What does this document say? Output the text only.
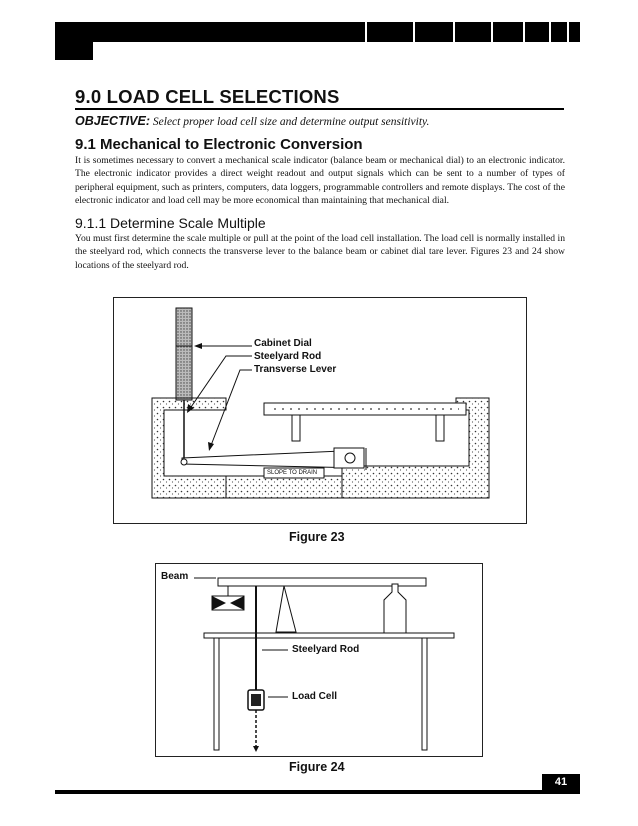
9.0 LOAD CELL SELECTIONS
OBJECTIVE: Select proper load cell size and determine output sensitivity.
9.1 Mechanical to Electronic Conversion

It is sometimes necessary to convert a mechanical scale indicator (balance beam or mechanical dial) to an electronic indicator. The electronic indicator provides a direct weight readout and output signals which can be sent to a number of types of peripheral equipment, such as printers, computers, data loggers, programmable controllers and remote displays. The cost of the electronic indicator and load cell may be more economical than maintaining that mechanical dial.

9.1.1 Determine Scale Multiple

You must first determine the scale multiple or pull at the point of the load cell installation. The load cell is normally installed in the steelyard rod, which connects the transverse lever to the balance beam or cabinet dial tare lever. Figures 23 and 24 show locations of the steelyard rod.

Cabinet Dial
Steelyard Rod
Transverse Lever
SLOPE TO DRAIN
Figure 23
Beam
Steelyard Rod
Load Cell
Figure 24
41
